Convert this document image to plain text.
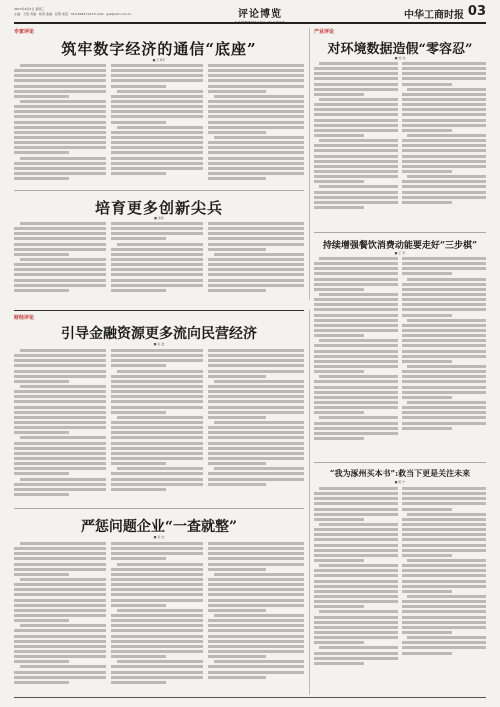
2013年6月5日 星期三
主编：王凯 责编：杨涛 美编：张明 电话：010-82627123 E-mail：gsb@cbt.com.cn	评论博览	中华工商时报 03
专家评论	产业评论
筑牢数字经济的通信“底座”
■ 王秀平
培育更多创新尖兵
■ 李新
对环境数据造假“零容忍”
■ 刘 伟
持续增强餐饮消费动能要走好“三步棋”
■ 王 军
财经评论
引导金融资源更多流向民营经济
■ 张 波
“我为涿州买本书”:救当下更是关注未来
■ 陈 宁
严惩问题企业“一查就整”
■ 吴 杰
